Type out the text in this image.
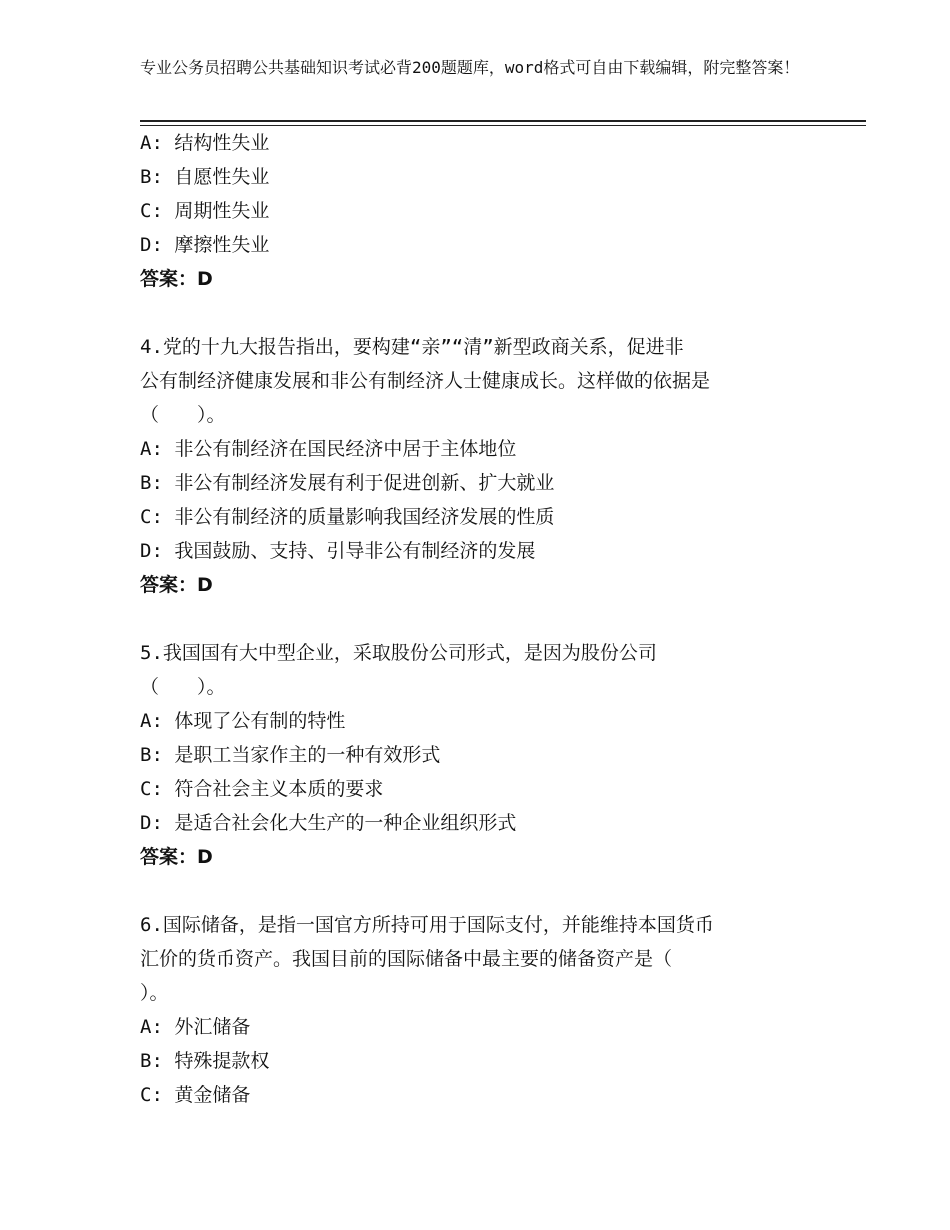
专业公务员招聘公共基础知识考试必背200题题库，word格式可自由下载编辑，附完整答案！
A: 结构性失业
B: 自愿性失业
C: 周期性失业
D: 摩擦性失业
答案：D
4.党的十九大报告指出，要构建“亲”“清”新型政商关系，促进非
公有制经济健康发展和非公有制经济人士健康成长。这样做的依据是
（　　）。
A: 非公有制经济在国民经济中居于主体地位
B: 非公有制经济发展有利于促进创新、扩大就业
C: 非公有制经济的质量影响我国经济发展的性质
D: 我国鼓励、支持、引导非公有制经济的发展
答案：D
5.我国国有大中型企业，采取股份公司形式，是因为股份公司
（　　）。
A: 体现了公有制的特性
B: 是职工当家作主的一种有效形式
C: 符合社会主义本质的要求
D: 是适合社会化大生产的一种企业组织形式
答案：D
6.国际储备，是指一国官方所持可用于国际支付，并能维持本国货币
汇价的货币资产。我国目前的国际储备中最主要的储备资产是（
）。
A: 外汇储备
B: 特殊提款权
C: 黄金储备
